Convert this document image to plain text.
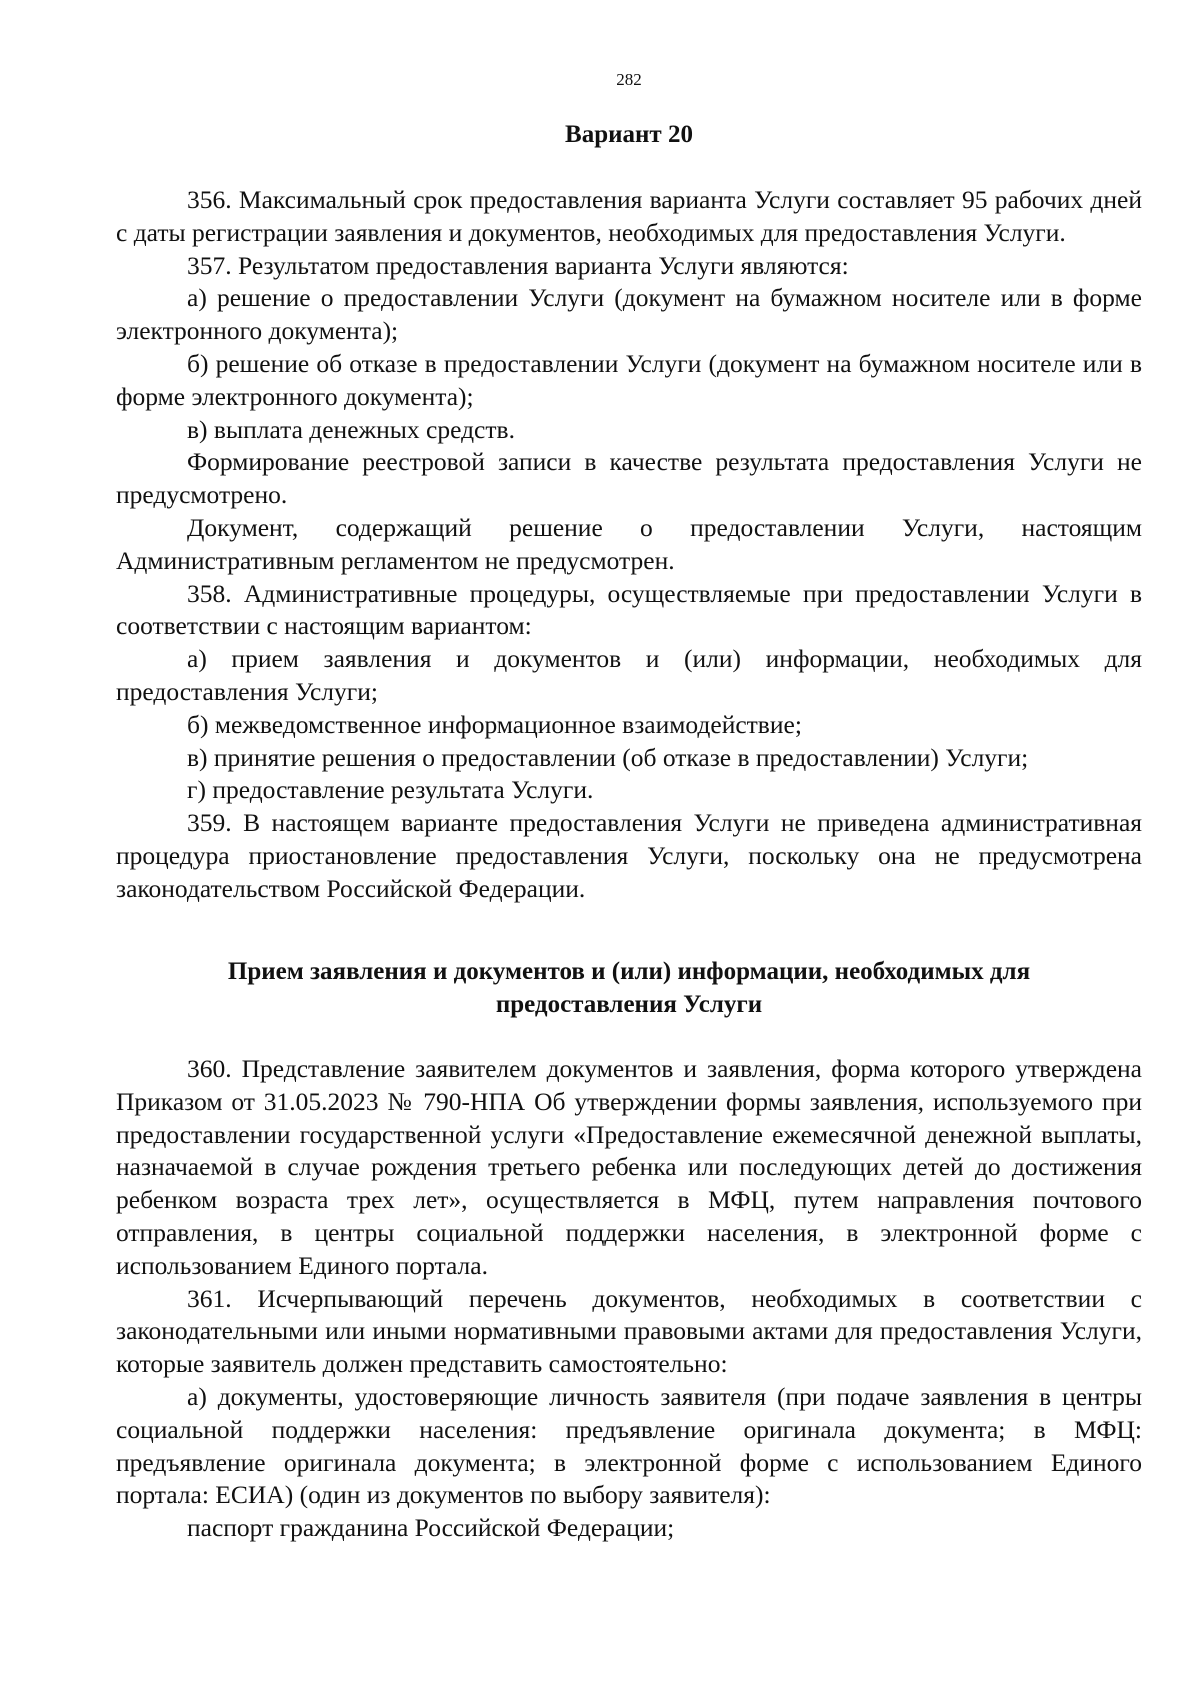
282
Вариант 20

356. Максимальный срок предоставления варианта Услуги составляет 95 рабочих дней с даты регистрации заявления и документов, необходимых для предоставления Услуги.

357. Результатом предоставления варианта Услуги являются:

а) решение о предоставлении Услуги (документ на бумажном носителе или в форме электронного документа);

б) решение об отказе в предоставлении Услуги (документ на бумажном носителе или в форме электронного документа);

в) выплата денежных средств.

Формирование реестровой записи в качестве результата предоставления Услуги не предусмотрено.

Документ, содержащий решение о предоставлении Услуги, настоящим Административным регламентом не предусмотрен.

358. Административные процедуры, осуществляемые при предоставлении Услуги в соответствии с настоящим вариантом:

а) прием заявления и документов и (или) информации, необходимых для предоставления Услуги;

б) межведомственное информационное взаимодействие;

в) принятие решения о предоставлении (об отказе в предоставлении) Услуги;

г) предоставление результата Услуги.

359. В настоящем варианте предоставления Услуги не приведена административная процедура приостановление предоставления Услуги, поскольку она не предусмотрена законодательством Российской Федерации.

Прием заявления и документов и (или) информации, необходимых для
предоставления Услуги

360. Представление заявителем документов и заявления, форма которого утверждена Приказом от 31.05.2023 № 790-НПА Об утверждении формы заявления, используемого при предоставлении государственной услуги «Предоставление ежемесячной денежной выплаты, назначаемой в случае рождения третьего ребенка или последующих детей до достижения ребенком возраста трех лет», осуществляется в МФЦ, путем направления почтового отправления, в центры социальной поддержки населения, в электронной форме с использованием Единого портала.

361. Исчерпывающий перечень документов, необходимых в соответствии с законодательными или иными нормативными правовыми актами для предоставления Услуги, которые заявитель должен представить самостоятельно:

а) документы, удостоверяющие личность заявителя (при подаче заявления в центры социальной поддержки населения: предъявление оригинала документа; в МФЦ: предъявление оригинала документа; в электронной форме с использованием Единого портала: ЕСИА) (один из документов по выбору заявителя):

паспорт гражданина Российской Федерации;
